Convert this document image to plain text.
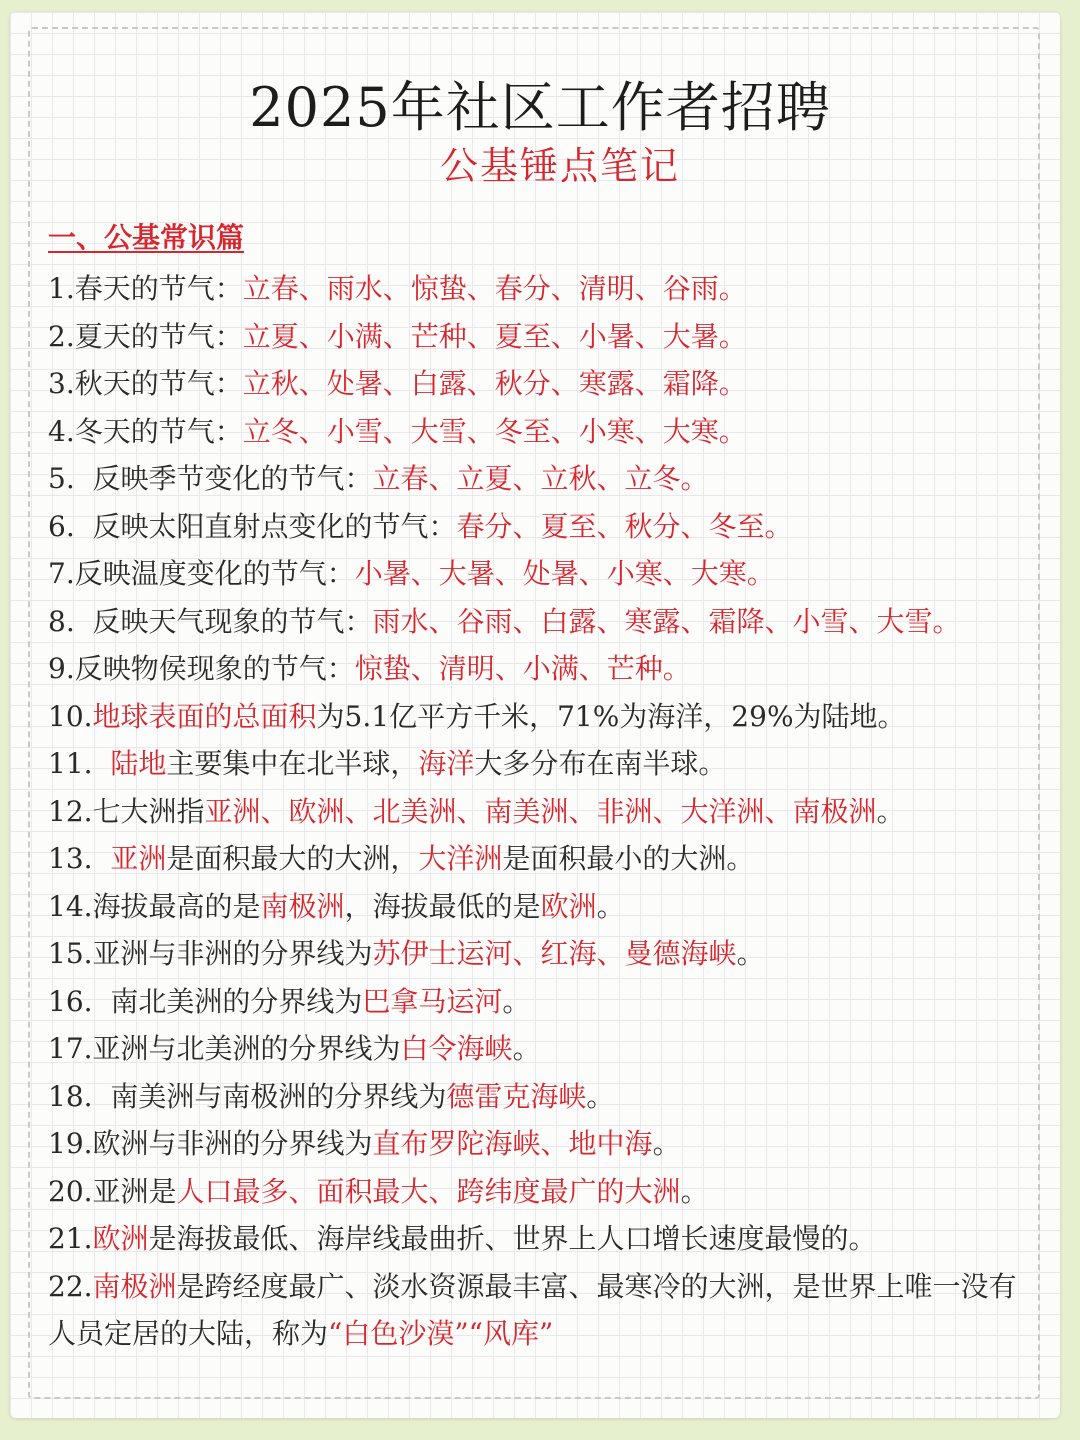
2025年社区工作者招聘
公基锤点笔记
一、公基常识篇
1.春天的节气：立春、雨水、惊蛰、春分、清明、谷雨。
2.夏天的节气：立夏、小满、芒种、夏至、小暑、大暑。
3.秋天的节气：立秋、处暑、白露、秋分、寒露、霜降。
4.冬天的节气：立冬、小雪、大雪、冬至、小寒、大寒。
5.  反映季节变化的节气：立春、立夏、立秋、立冬。
6.  反映太阳直射点变化的节气：春分、夏至、秋分、冬至。
7.反映温度变化的节气：小暑、大暑、处暑、小寒、大寒。
8.  反映天气现象的节气：雨水、谷雨、白露、寒露、霜降、小雪、大雪。
9.反映物侯现象的节气：惊蛰、清明、小满、芒种。
10.地球表面的总面积为5.1亿平方千米，71%为海洋，29%为陆地。
11. 陆地主要集中在北半球，海洋大多分布在南半球。
12.七大洲指亚洲、欧洲、北美洲、南美洲、非洲、大洋洲、南极洲。
13. 亚洲是面积最大的大洲，大洋洲是面积最小的大洲。
14.海拔最高的是南极洲，海拔最低的是欧洲。
15.亚洲与非洲的分界线为苏伊士运河、红海、曼德海峡。
16.  南北美洲的分界线为巴拿马运河。
17.亚洲与北美洲的分界线为白令海峡。
18.  南美洲与南极洲的分界线为德雷克海峡。
19.欧洲与非洲的分界线为直布罗陀海峡、地中海。
20.亚洲是人口最多、面积最大、跨纬度最广的大洲。
21.欧洲是海拔最低、海岸线最曲折、世界上人口增长速度最慢的。
22.南极洲是跨经度最广、淡水资源最丰富、最寒冷的大洲，是世界上唯一没有人员定居的大陆，称为“白色沙漠”“风库”
